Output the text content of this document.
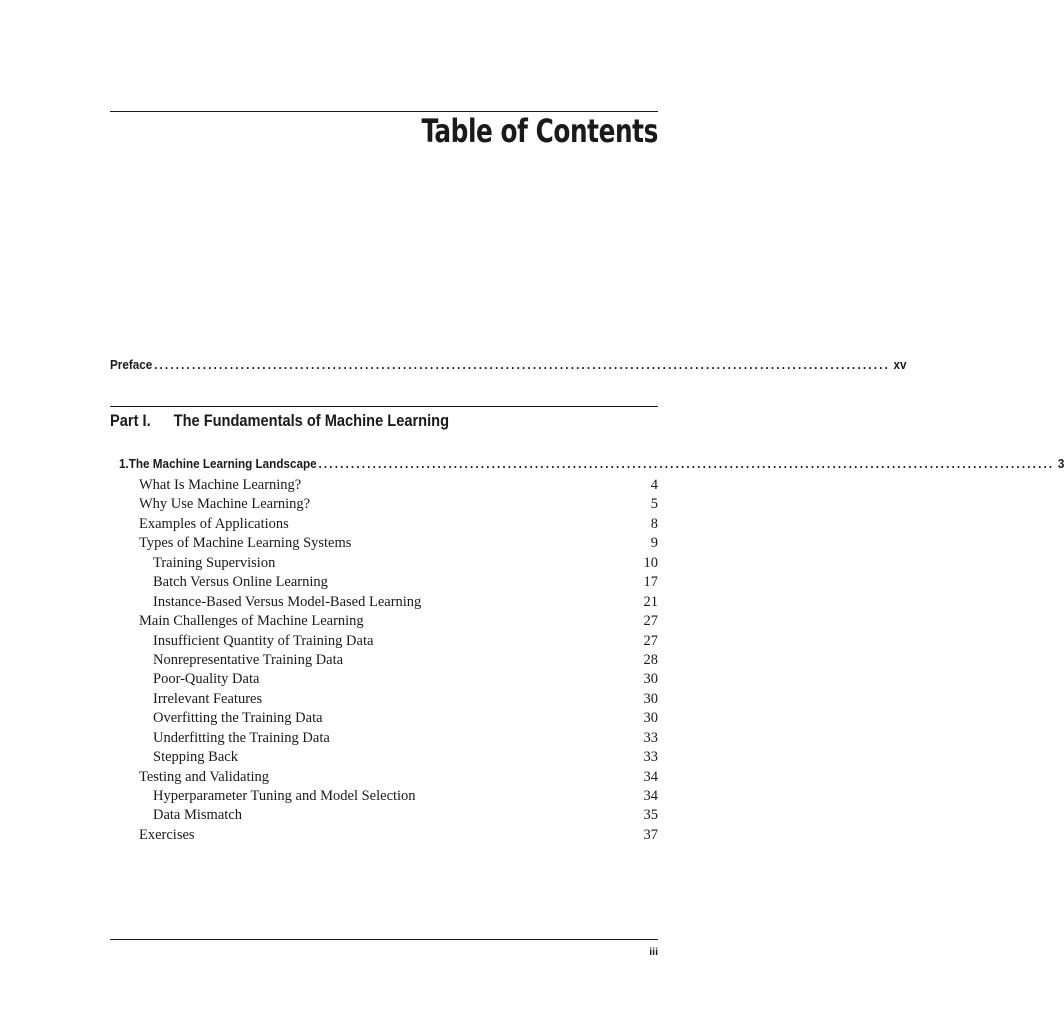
Table of Contents
Preface ........................................................................................................................................ xv
Part I. The Fundamentals of Machine Learning
1. The Machine Learning Landscape ........................................................................................................................................ 3
What Is Machine Learning?	4
Why Use Machine Learning?	5
Examples of Applications	8
Types of Machine Learning Systems	9
Training Supervision	10
Batch Versus Online Learning	17
Instance-Based Versus Model-Based Learning	21
Main Challenges of Machine Learning	27
Insufficient Quantity of Training Data	27
Nonrepresentative Training Data	28
Poor-Quality Data	30
Irrelevant Features	30
Overfitting the Training Data	30
Underfitting the Training Data	33
Stepping Back	33
Testing and Validating	34
Hyperparameter Tuning and Model Selection	34
Data Mismatch	35
Exercises	37
iii
